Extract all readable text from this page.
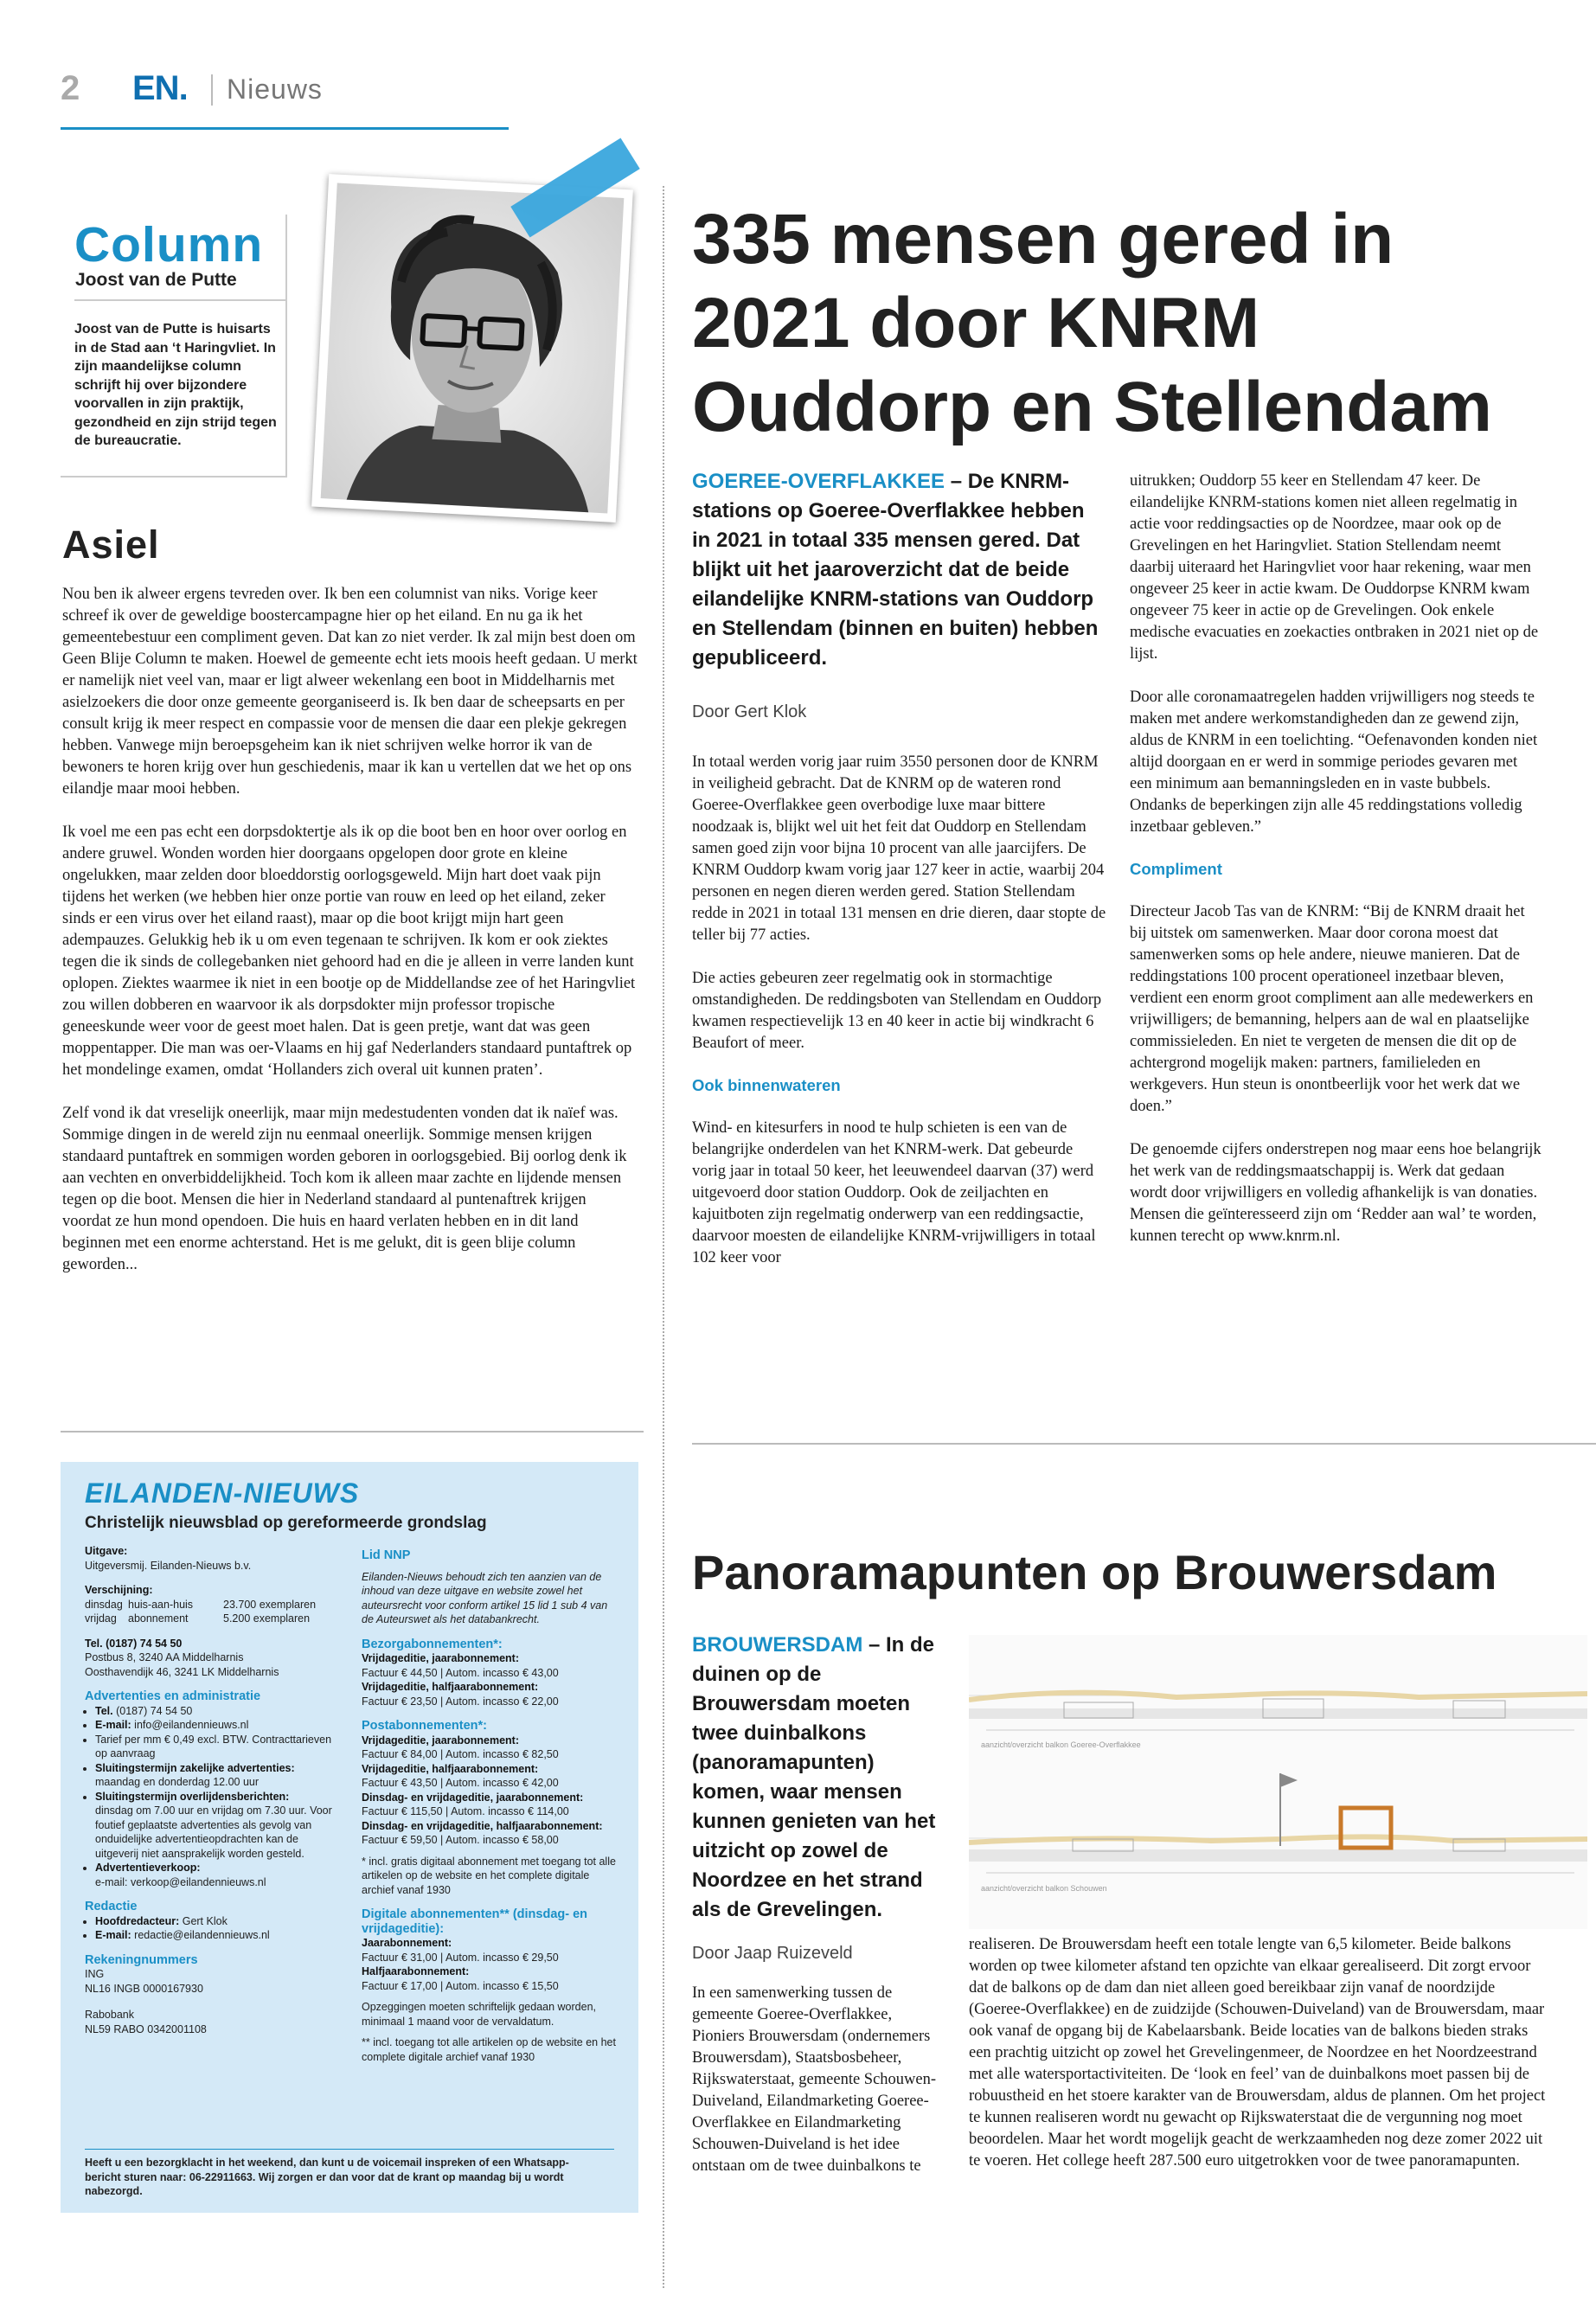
2 EN. Nieuws
Column
Joost van de Putte
Joost van de Putte is huisarts in de Stad aan ‘t Haringvliet. In zijn maandelijkse column schrijft hij over bijzondere voorvallen in zijn praktijk, gezondheid en zijn strijd tegen de bureaucratie.
Asiel

Nou ben ik alweer ergens tevreden over. Ik ben een columnist van niks. Vorige keer schreef ik over de geweldige boostercampagne hier op het eiland. En nu ga ik het gemeentebestuur een compliment geven. Dat kan zo niet verder. Ik zal mijn best doen om Geen Blije Column te maken. Hoewel de gemeente echt iets moois heeft gedaan. U merkt er namelijk niet veel van, maar er ligt alweer wekenlang een boot in Middelharnis met asielzoekers die door onze gemeente georganiseerd is. Ik ben daar de scheepsarts en per consult krijg ik meer respect en compassie voor de mensen die daar een plekje gekregen hebben. Vanwege mijn beroepsgeheim kan ik niet schrijven welke horror ik van de bewoners te horen krijg over hun geschiedenis, maar ik kan u vertellen dat we het op ons eilandje maar mooi hebben.

Ik voel me een pas echt een dorpsdoktertje als ik op die boot ben en hoor over oorlog en andere gruwel. Wonden worden hier doorgaans opgelopen door grote en kleine ongelukken, maar zelden door bloeddorstig oorlogsgeweld. Mijn hart doet vaak pijn tijdens het werken (we hebben hier onze portie van rouw en leed op het eiland, zeker sinds er een virus over het eiland raast), maar op die boot krijgt mijn hart geen adempauzes. Gelukkig heb ik u om even tegenaan te schrijven. Ik kom er ook ziektes tegen die ik sinds de collegebanken niet gehoord had en die je alleen in verre landen kunt oplopen. Ziektes waarmee ik niet in een bootje op de Middellandse zee of het Haringvliet zou willen dobberen en waarvoor ik als dorpsdokter mijn professor tropische geneeskunde weer voor de geest moet halen. Dat is geen pretje, want dat was geen moppentapper. Die man was oer-Vlaams en hij gaf Nederlanders standaard puntaftrek op het mondelinge examen, omdat ‘Hollanders zich overal uit kunnen praten’.

Zelf vond ik dat vreselijk oneerlijk, maar mijn medestudenten vonden dat ik naïef was. Sommige dingen in de wereld zijn nu eenmaal oneerlijk. Sommige mensen krijgen standaard puntaftrek en sommigen worden geboren in oorlogsgebied. Bij oorlog denk ik aan vechten en onverbiddelijkheid. Toch kom ik alleen maar zachte en lijdende mensen tegen op die boot. Mensen die hier in Nederland standaard al puntenaftrek krijgen voordat ze hun mond opendoen. Die huis en haard verlaten hebben en in dit land beginnen met een enorme achterstand. Het is me gelukt, dit is geen blije column geworden...

335 mensen gered in 2021 door KNRM Ouddorp en Stellendam
GOEREE-OVERFLAKKEE – De KNRM-stations op Goeree-Overflakkee hebben in 2021 in totaal 335 mensen gered. Dat blijkt uit het jaaroverzicht dat de beide eilandelijke KNRM-stations van Ouddorp en Stellendam (binnen en buiten) hebben gepubliceerd.
Door Gert Klok

In totaal werden vorig jaar ruim 3550 personen door de KNRM in veiligheid gebracht. Dat de KNRM op de wateren rond Goeree-Overflakkee geen overbodige luxe maar bittere noodzaak is, blijkt wel uit het feit dat Ouddorp en Stellendam samen goed zijn voor bijna 10 procent van alle jaarcijfers. De KNRM Ouddorp kwam vorig jaar 127 keer in actie, waarbij 204 personen en negen dieren werden gered. Station Stellendam redde in 2021 in totaal 131 mensen en drie dieren, daar stopte de teller bij 77 acties.

Die acties gebeuren zeer regelmatig ook in stormachtige omstandigheden. De reddingsboten van Stellendam en Ouddorp kwamen respectievelijk 13 en 40 keer in actie bij windkracht 6 Beaufort of meer.

Ook binnenwateren

Wind- en kitesurfers in nood te hulp schieten is een van de belangrijke onderdelen van het KNRM-werk. Dat gebeurde vorig jaar in totaal 50 keer, het leeuwendeel daarvan (37) werd uitgevoerd door station Ouddorp. Ook de zeiljachten en kajuitboten zijn regelmatig onderwerp van een reddingsactie, daarvoor moesten de eilandelijke KNRM-vrijwilligers in totaal 102 keer voor

uitrukken; Ouddorp 55 keer en Stellendam 47 keer. De eilandelijke KNRM-stations komen niet alleen regelmatig in actie voor reddingsacties op de Noordzee, maar ook op de Grevelingen en het Haringvliet. Station Stellendam neemt daarbij uiteraard het Haringvliet voor haar rekening, waar men ongeveer 25 keer in actie kwam. De Ouddorpse KNRM kwam ongeveer 75 keer in actie op de Grevelingen. Ook enkele medische evacuaties en zoekacties ontbraken in 2021 niet op de lijst.

Door alle coronamaatregelen hadden vrijwilligers nog steeds te maken met andere werkomstandigheden dan ze gewend zijn, aldus de KNRM in een toelichting. “Oefenavonden konden niet altijd doorgaan en er werd in sommige periodes gevaren met een minimum aan bemanningsleden en in vaste bubbels. Ondanks de beperkingen zijn alle 45 reddingstations volledig inzetbaar gebleven.”

Compliment

Directeur Jacob Tas van de KNRM: “Bij de KNRM draait het bij uitstek om samenwerken. Maar door corona moest dat samenwerken soms op hele andere, nieuwe manieren. Dat de reddingstations 100 procent operationeel inzetbaar bleven, verdient een enorm groot compliment aan alle medewerkers en vrijwilligers; de bemanning, helpers aan de wal en plaatselijke commissieleden. En niet te vergeten de mensen die dit op de achtergrond mogelijk maken: partners, familieleden en werkgevers. Hun steun is onontbeerlijk voor het werk dat we doen.”

De genoemde cijfers onderstrepen nog maar eens hoe belangrijk het werk van de reddingsmaatschappij is. Werk dat gedaan wordt door vrijwilligers en volledig afhankelijk is van donaties. Mensen die geïnteresseerd zijn om ‘Redder aan wal’ te worden, kunnen terecht op www.knrm.nl.

EILANDEN-NIEUWS
Christelijk nieuwsblad op gereformeerde grondslag
Uitgave:
Uitgeversmij. Eilanden-Nieuws b.v.
Verschijning:
dinsdag huis-aan-huis	23.700 exemplaren
vrijdag	abonnement	5.200 exemplaren
Tel. (0187) 74 54 50
Postbus 8, 3240 AA Middelharnis
Oosthavendijk 46, 3241 LK Middelharnis
Advertenties en administratie
• Tel. (0187) 74 54 50
• E-mail: info@eilandennieuws.nl
• Tarief per mm € 0,49 excl. BTW. Contracttarieven op aanvraag
• Sluitingstermijn zakelijke advertenties:
maandag en donderdag 12.00 uur
• Sluitingstermijn overlijdensberichten:
dinsdag om 7.00 uur en vrijdag om 7.30 uur. Voor foutief geplaatste advertenties als gevolg van onduidelijke advertentieopdrachten kan de uitgeverij niet aansprakelijk worden gesteld.
• Advertentieverkoop:
e-mail: verkoop@eilandennieuws.nl
Redactie
• Hoofdredacteur: Gert Klok
• E-mail: redactie@eilandennieuws.nl
Rekeningnummers
ING
NL16 INGB 0000167930
Rabobank
NL59 RABO 0342001108
Lid NNP
Eilanden-Nieuws behoudt zich ten aanzien van de inhoud van deze uitgave en website zowel het auteursrecht voor conform artikel 15 lid 1 sub 4 van de Auteurswet als het databankrecht.
Bezorgabonnementen*:
Vrijdageditie, jaarabonnement:
Factuur € 44,50 | Autom. incasso € 43,00
Vrijdageditie, halfjaarabonnement:
Factuur € 23,50 | Autom. incasso € 22,00
Postabonnementen*:
Vrijdageditie, jaarabonnement:
Factuur € 84,00 | Autom. incasso € 82,50
Vrijdageditie, halfjaarabonnement:
Factuur € 43,50 | Autom. incasso € 42,00
Dinsdag- en vrijdageditie, jaarabonnement:
Factuur € 115,50 | Autom. incasso € 114,00
Dinsdag- en vrijdageditie, halfjaarabonnement:
Factuur € 59,50 | Autom. incasso € 58,00
* incl. gratis digitaal abonnement met toegang tot alle artikelen op de website en het complete digitale archief vanaf 1930
Digitale abonnementen** (dinsdag- en vrijdageditie):
Jaarabonnement:
Factuur € 31,00 | Autom. incasso € 29,50
Halfjaarabonnement:
Factuur € 17,00 | Autom. incasso € 15,50
Opzeggingen moeten schriftelijk gedaan worden, minimaal 1 maand voor de vervaldatum.
** incl. toegang tot alle artikelen op de website en het complete digitale archief vanaf 1930
Heeft u een bezorgklacht in het weekend, dan kunt u de voicemail inspreken of een Whatsapp-bericht sturen naar: 06-22911663. Wij zorgen er dan voor dat de krant op maandag bij u wordt nabezorgd.
Panoramapunten op Brouwersdam
BROUWERSDAM – In de duinen op de Brouwersdam moeten twee duinbalkons (panoramapunten) komen, waar mensen kunnen genieten van het uitzicht op zowel de Noordzee en het strand als de Grevelingen.
Door Jaap Ruizeveld

In een samenwerking tussen de gemeente Goeree-Overflakkee, Pioniers Brouwersdam (ondernemers Brouwersdam), Staatsbosbeheer, Rijkswaterstaat, gemeente Schouwen-Duiveland, Eilandmarketing Goeree-Overflakkee en Eilandmarketing Schouwen-Duiveland is het idee ontstaan om de twee duinbalkons te

aanzicht/overzicht balkon Goeree-Overflakkee
aanzicht/overzicht balkon Schouwen

realiseren. De Brouwersdam heeft een totale lengte van 6,5 kilometer. Beide balkons worden op twee kilometer afstand ten opzichte van elkaar gerealiseerd. Dit zorgt ervoor dat de balkons op de dam dan niet alleen goed bereikbaar zijn vanaf de noordzijde (Goeree-Overflakkee) en de zuidzijde (Schouwen-Duiveland) van de Brouwersdam, maar ook vanaf de opgang bij de Kabelaarsbank. Beide locaties van de balkons bieden straks een prachtig uitzicht op zowel het Grevelingenmeer, de Noordzee en het Noordzeestrand met alle watersportactiviteiten. De ‘look en feel’ van de duinbalkons moet passen bij de robuustheid en het stoere karakter van de Brouwersdam, aldus de plannen. Om het project te kunnen realiseren wordt nu gewacht op Rijkswaterstaat die de vergunning nog moet beoordelen. Maar het wordt mogelijk geacht de werkzaamheden nog deze zomer 2022 uit te voeren. Het college heeft 287.500 euro uitgetrokken voor de twee panoramapunten.
